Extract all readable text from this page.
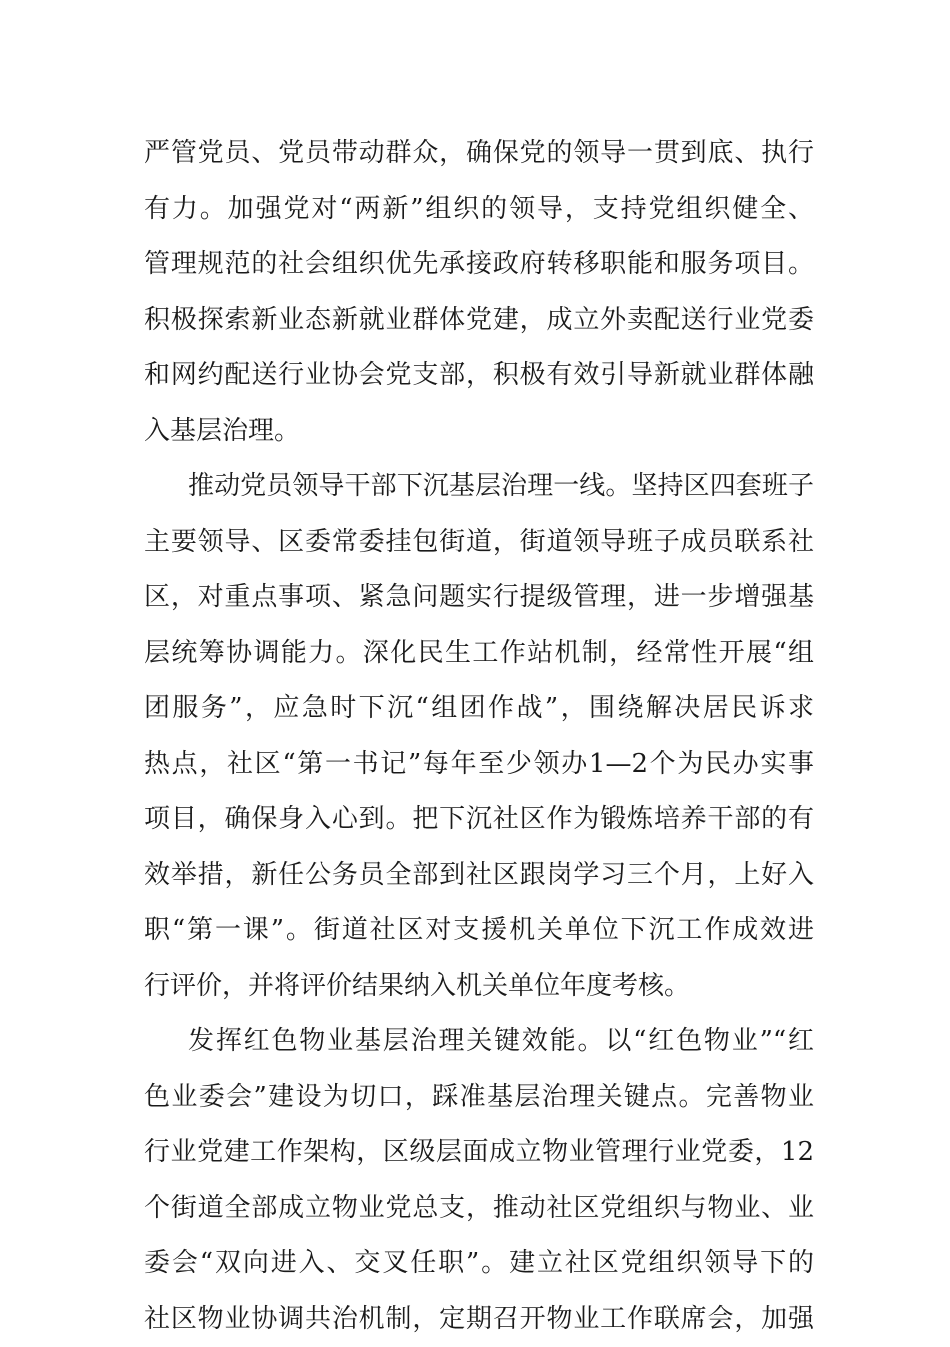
严管党员、党员带动群众，确保党的领导一贯到底、执行
有力。加强党对“两新”组织的领导，支持党组织健全、
管理规范的社会组织优先承接政府转移职能和服务项目。
积极探索新业态新就业群体党建，成立外卖配送行业党委
和网约配送行业协会党支部，积极有效引导新就业群体融
入基层治理。
推动党员领导干部下沉基层治理一线。坚持区四套班子
主要领导、区委常委挂包街道，街道领导班子成员联系社
区，对重点事项、紧急问题实行提级管理，进一步增强基
层统筹协调能力。深化民生工作站机制，经常性开展“组
团服务”，应急时下沉“组团作战”，围绕解决居民诉求
热点，社区“第一书记”每年至少领办1—2个为民办实事
项目，确保身入心到。把下沉社区作为锻炼培养干部的有
效举措，新任公务员全部到社区跟岗学习三个月，上好入
职“第一课”。街道社区对支援机关单位下沉工作成效进
行评价，并将评价结果纳入机关单位年度考核。
发挥红色物业基层治理关键效能。以“红色物业”“红
色业委会”建设为切口，踩准基层治理关键点。完善物业
行业党建工作架构，区级层面成立物业管理行业党委，12
个街道全部成立物业党总支，推动社区党组织与物业、业
委会“双向进入、交叉任职”。建立社区党组织领导下的
社区物业协调共治机制，定期召开物业工作联席会，加强
